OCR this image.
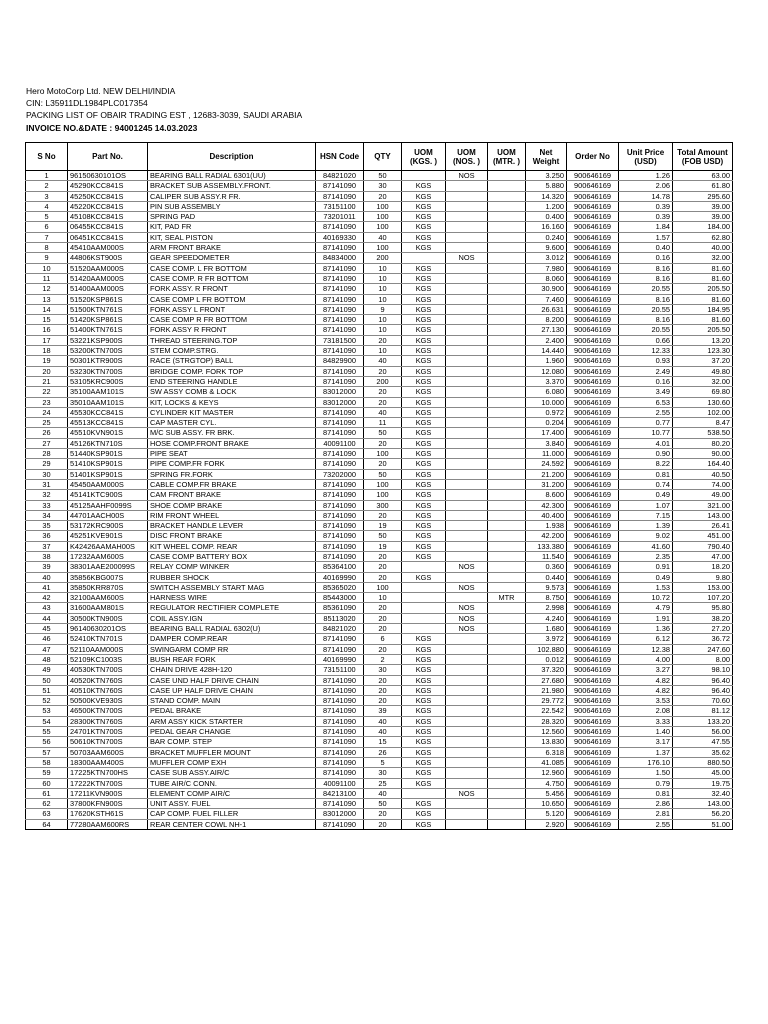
Hero MotoCorp Ltd. NEW DELHI/INDIA
CIN: L35911DL1984PLC017354
PACKING LIST OF OBAIR TRADING EST , 12683-3039, SAUDI ARABIA
INVOICE NO.&DATE : 94001245 14.03.2023
S No	Part No.	Description	HSN Code	QTY	UOM (KGS. )	UOM (NOS. )	UOM (MTR. )	Net Weight	Order No	Unit Price (USD)	Total Amount (FOB USD)
1	96150630101OS	BEARING BALL RADIAL 6301(UU)	84821020	50		NOS		3.250	900646169	1.26	63.00
2	45290KCC841S	BRACKET SUB ASSEMBLY.FRONT.	87141090	30	KGS			5.880	900646169	2.06	61.80
3	45250KCC841S	CALIPER SUB ASSY.R FR.	87141090	20	KGS			14.320	900646169	14.78	295.60
4	45220KCC841S	PIN SUB ASSEMBLY	73151100	100	KGS			1.200	900646169	0.39	39.00
5	45108KCC841S	SPRING PAD	73201011	100	KGS			0.400	900646169	0.39	39.00
6	06455KCC841S	KIT, PAD FR	87141090	100	KGS			16.160	900646169	1.84	184.00
7	06451KCC841S	KIT, SEAL PISTON	40169330	40	KGS			0.240	900646169	1.57	62.80
8	45410AAM000S	ARM FRONT BRAKE	87141090	100	KGS			9.600	900646169	0.40	40.00
9	44806KST900S	GEAR SPEEDOMETER	84834000	200		NOS		3.012	900646169	0.16	32.00
10	51520AAM000S	CASE COMP. L FR BOTTOM	87141090	10	KGS			7.980	900646169	8.16	81.60
11	51420AAM000S	CASE COMP. R FR BOTTOM	87141090	10	KGS			8.060	900646169	8.16	81.60
12	51400AAM000S	FORK ASSY. R FRONT	87141090	10	KGS			30.900	900646169	20.55	205.50
13	51520KSP861S	CASE COMP L FR BOTTOM	87141090	10	KGS			7.460	900646169	8.16	81.60
14	51500KTN761S	FORK ASSY L FRONT	87141090	9	KGS			26.631	900646169	20.55	184.95
15	51420KSP861S	CASE COMP R FR BOTTOM	87141090	10	KGS			8.200	900646169	8.16	81.60
16	51400KTN761S	FORK ASSY R FRONT	87141090	10	KGS			27.130	900646169	20.55	205.50
17	53221KSP900S	THREAD STEERING.TOP	73181500	20	KGS			2.400	900646169	0.66	13.20
18	53200KTN700S	STEM COMP.STRG.	87141090	10	KGS			14.440	900646169	12.33	123.30
19	50301KTR900S	RACE (STRGTOP) BALL	84829900	40	KGS			1.960	900646169	0.93	37.20
20	53230KTN700S	BRIDGE COMP. FORK TOP	87141090	20	KGS			12.080	900646169	2.49	49.80
21	53105KRC900S	END STEERING HANDLE	87141090	200	KGS			3.370	900646169	0.16	32.00
22	35100AAM101S	SW ASSY COMB & LOCK	83012000	20	KGS			6.080	900646169	3.49	69.80
23	35010AAM101S	KIT, LOCKS & KEYS	83012000	20	KGS			10.000	900646169	6.53	130.60
24	45530KCC841S	CYLINDER KIT MASTER	87141090	40	KGS			0.972	900646169	2.55	102.00
25	45513KCC841S	CAP MASTER CYL.	87141090	11	KGS			0.204	900646169	0.77	8.47
26	45510KVN901S	M/C SUB ASSY. FR BRK.	87141090	50	KGS			17.400	900646169	10.77	538.50
27	45126KTN710S	HOSE COMP.FRONT BRAKE	40091100	20	KGS			3.840	900646169	4.01	80.20
28	51440KSP901S	PIPE SEAT	87141090	100	KGS			11.000	900646169	0.90	90.00
29	51410KSP901S	PIPE COMP.FR FORK	87141090	20	KGS			24.592	900646169	8.22	164.40
30	51401KSP901S	SPRING FR.FORK	73202000	50	KGS			21.200	900646169	0.81	40.50
31	45450AAM000S	CABLE COMP.FR BRAKE	87141090	100	KGS			31.200	900646169	0.74	74.00
32	45141KTC900S	CAM FRONT BRAKE	87141090	100	KGS			8.600	900646169	0.49	49.00
33	45125AAHF0099S	SHOE COMP BRAKE	87141090	300	KGS			42.300	900646169	1.07	321.00
34	44701AACH00S	RIM FRONT WHEEL	87141090	20	KGS			40.400	900646169	7.15	143.00
35	53172KRC900S	BRACKET HANDLE LEVER	87141090	19	KGS			1.938	900646169	1.39	26.41
36	45251KVE901S	DISC FRONT BRAKE	87141090	50	KGS			42.200	900646169	9.02	451.00
37	K42426AAMAH00S	KIT WHEEL COMP. REAR	87141090	19	KGS			133.380	900646169	41.60	790.40
38	17232AAM600S	CASE COMP BATTERY BOX	87141090	20	KGS			11.540	900646169	2.35	47.00
39	38301AAE200099S	RELAY COMP WINKER	85364100	20		NOS		0.360	900646169	0.91	18.20
40	35856KBG007S	RUBBER SHOCK	40169990	20	KGS			0.440	900646169	0.49	9.80
41	35850KRR870S	SWITCH ASSEMBLY START MAG	85365020	100		NOS		9.573	900646169	1.53	153.00
42	32100AAM600S	HARNESS WIRE	85443000	10			MTR	8.750	900646169	10.72	107.20
43	31600AAM801S	REGULATOR RECTIFIER COMPLETE	85361090	20		NOS		2.998	900646169	4.79	95.80
44	30500KTN900S	COIL ASSY.IGN	85113020	20		NOS		4.240	900646169	1.91	38.20
45	96140630201OS	BEARING BALL RADIAL 6302(U)	84821020	20		NOS		1.680	900646169	1.36	27.20
46	52410KTN701S	DAMPER COMP.REAR	87141090	6	KGS			3.972	900646169	6.12	36.72
47	52110AAM000S	SWINGARM COMP RR	87141090	20	KGS			102.880	900646169	12.38	247.60
48	52109KC1003S	BUSH REAR FORK	40169990	2	KGS			0.012	900646169	4.00	8.00
49	40530KTN700S	CHAIN DRIVE 428H-120	73151100	30	KGS			37.320	900646169	3.27	98.10
50	40520KTN760S	CASE UND HALF DRIVE CHAIN	87141090	20	KGS			27.680	900646169	4.82	96.40
51	40510KTN760S	CASE UP HALF DRIVE CHAIN	87141090	20	KGS			21.980	900646169	4.82	96.40
52	50500KVE930S	STAND COMP. MAIN	87141090	20	KGS			29.772	900646169	3.53	70.60
53	46500KTN700S	PEDAL BRAKE	87141090	39	KGS			22.542	900646169	2.08	81.12
54	28300KTN760S	ARM ASSY KICK STARTER	87141090	40	KGS			28.320	900646169	3.33	133.20
55	24701KTN700S	PEDAL GEAR CHANGE	87141090	40	KGS			12.560	900646169	1.40	56.00
56	50610KTN700S	BAR COMP. STEP	87141090	15	KGS			13.830	900646169	3.17	47.55
57	50703AAM600S	BRACKET MUFFLER MOUNT	87141090	26	KGS			6.318	900646169	1.37	35.62
58	18300AAM400S	MUFFLER COMP EXH	87141090	5	KGS			41.085	900646169	176.10	880.50
59	17225KTN700HS	CASE SUB ASSY.AIR/C	87141090	30	KGS			12.960	900646169	1.50	45.00
60	17222KTN700S	TUBE AIR/C CONN.	40091100	25	KGS			4.750	900646169	0.79	19.75
61	17211KVN900S	ELEMENT COMP AIR/C	84213100	40		NOS		5.456	900646169	0.81	32.40
62	37800KFN900S	UNIT ASSY. FUEL	87141090	50	KGS			10.650	900646169	2.86	143.00
63	17620KSTH61S	CAP COMP. FUEL FILLER	83012000	20	KGS			5.120	900646169	2.81	56.20
64	77280AAM600RS	REAR CENTER COWL NH-1	87141090	20	KGS			2.920	900646169	2.55	51.00
